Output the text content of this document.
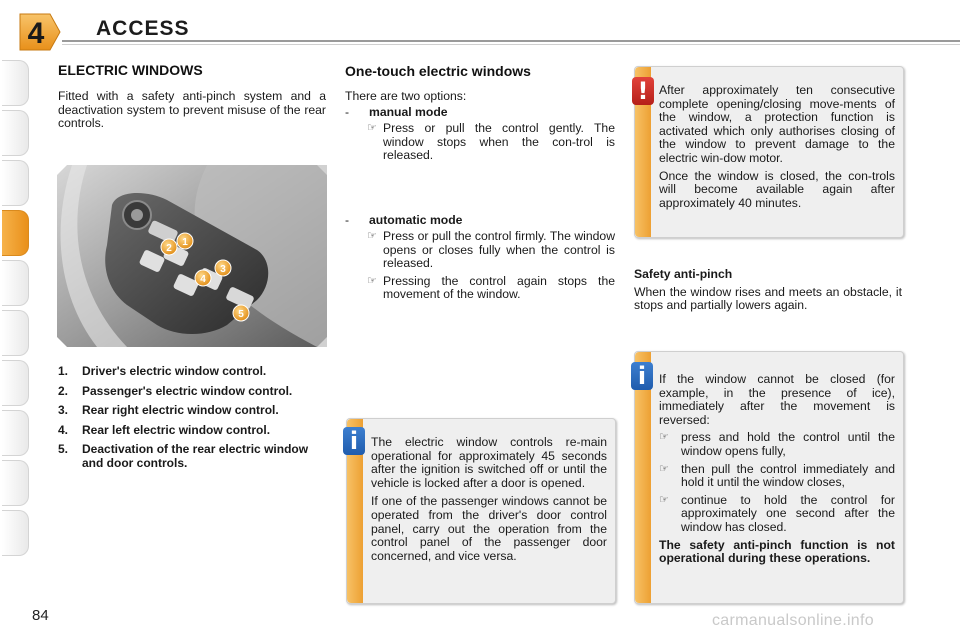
4 ACCESS
ELECTRIC WINDOWS

Fitted with a safety anti-pinch system and a deactivation system to prevent misuse of the rear controls.

1
2
3
4
5
1.	Driver's electric window control.
2.	Passenger's electric window control.
3.	Rear right electric window control.
4.	Rear left electric window control.
5.	Deactivation of the rear electric window and door controls.
One-touch electric windows

There are two options:

-	manual mode
☞ Press or pull the control gently. The window stops when the con-trol is released.
-	automatic mode
☞ Press or pull the control firmly. The window opens or closes fully when the control is released.
☞ Pressing the control again stops the movement of the window.
i	The electric window controls re-main operational for approximately 45 seconds after the ignition is switched off or until the vehicle is locked after a door is opened.

If one of the passenger windows cannot be operated from the driver's door control panel, carry out the operation from the control panel of the passenger door concerned, and vice versa.

! After approximately ten consecutive complete opening/closing move-ments of the window, a protection function is activated which only authorises closing of the window to prevent damage to the electric win-dow motor.

Once the window is closed, the con-trols will become available again after approximately 40 minutes.

Safety anti-pinch

When the window rises and meets an obstacle, it stops and partially lowers again.

i	If the window cannot be closed (for example, in the presence of ice), immediately after the movement is reversed:

☞ press and hold the control until the window opens fully,
☞ then pull the control immediately and hold it until the window closes,
☞ continue to hold the control for approximately one second after the window has closed.

The safety anti-pinch function is not operational during these operations.

84	carmanualsonline.info
